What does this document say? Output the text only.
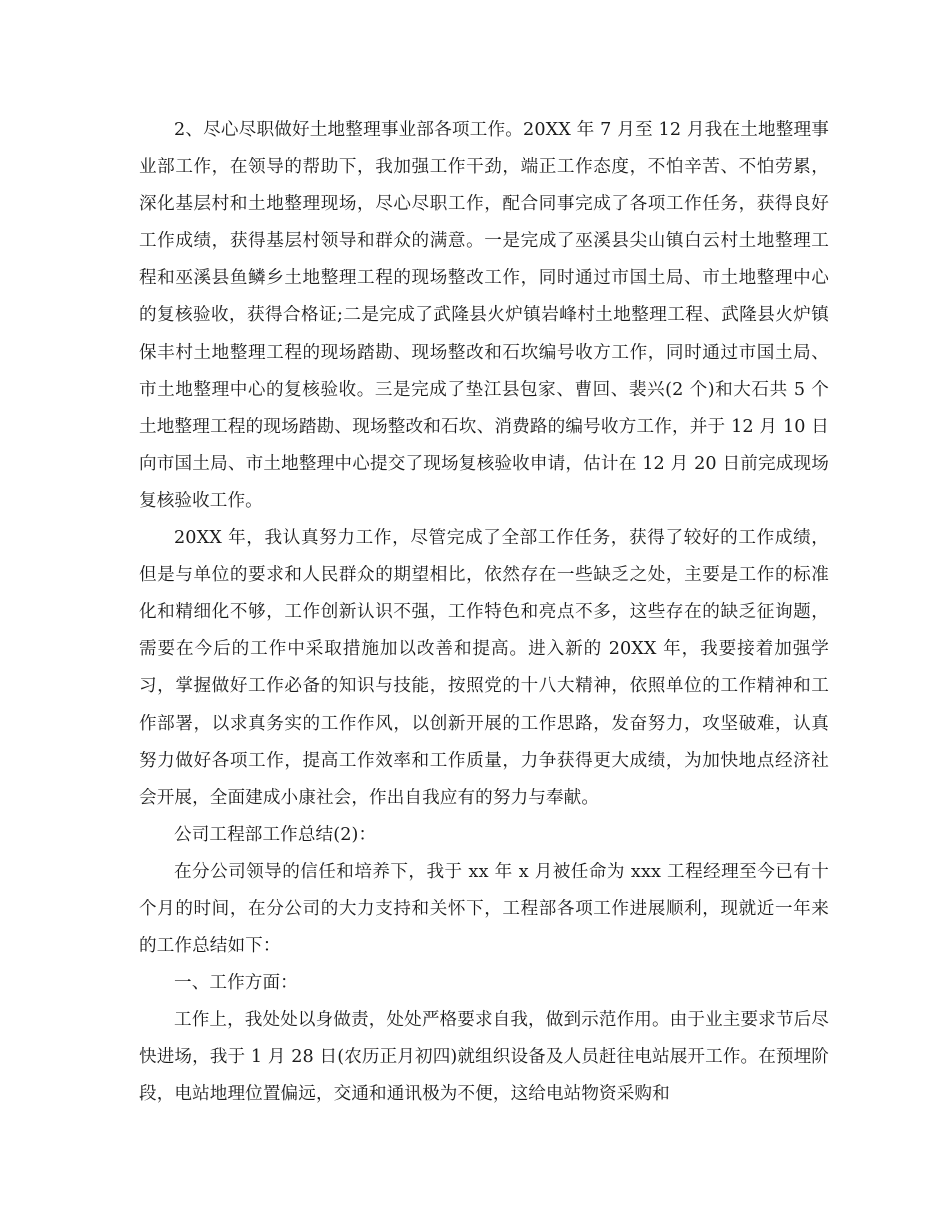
2、尽心尽职做好土地整理事业部各项工作。20XX 年 7 月至 12 月我在土地整理事业部工作，在领导的帮助下，我加强工作干劲，端正工作态度，不怕辛苦、不怕劳累，深化基层村和土地整理现场，尽心尽职工作，配合同事完成了各项工作任务，获得良好工作成绩，获得基层村领导和群众的满意。一是完成了巫溪县尖山镇白云村土地整理工程和巫溪县鱼鳞乡土地整理工程的现场整改工作，同时通过市国土局、市土地整理中心的复核验收，获得合格证;二是完成了武隆县火炉镇岩峰村土地整理工程、武隆县火炉镇保丰村土地整理工程的现场踏勘、现场整改和石坎编号收方工作，同时通过市国土局、市土地整理中心的复核验收。三是完成了垫江县包家、曹回、裴兴(2 个)和大石共 5 个土地整理工程的现场踏勘、现场整改和石坎、消费路的编号收方工作，并于 12 月 10 日向市国土局、市土地整理中心提交了现场复核验收申请，估计在 12 月 20 日前完成现场复核验收工作。

20XX 年，我认真努力工作，尽管完成了全部工作任务，获得了较好的工作成绩，但是与单位的要求和人民群众的期望相比，依然存在一些缺乏之处，主要是工作的标准化和精细化不够，工作创新认识不强，工作特色和亮点不多，这些存在的缺乏征询题，需要在今后的工作中采取措施加以改善和提高。进入新的 20XX 年，我要接着加强学习，掌握做好工作必备的知识与技能，按照党的十八大精神，依照单位的工作精神和工作部署，以求真务实的工作作风，以创新开展的工作思路，发奋努力，攻坚破难，认真努力做好各项工作，提高工作效率和工作质量，力争获得更大成绩，为加快地点经济社会开展，全面建成小康社会，作出自我应有的努力与奉献。

公司工程部工作总结(2)：

在分公司领导的信任和培养下，我于 xx 年 x 月被任命为 xxx 工程经理至今已有十个月的时间，在分公司的大力支持和关怀下，工程部各项工作进展顺利，现就近一年来的工作总结如下：

一、工作方面：

工作上，我处处以身做责，处处严格要求自我，做到示范作用。由于业主要求节后尽快进场，我于 1 月 28 日(农历正月初四)就组织设备及人员赶往电站展开工作。在预埋阶段，电站地理位置偏远，交通和通讯极为不便，这给电站物资采购和
